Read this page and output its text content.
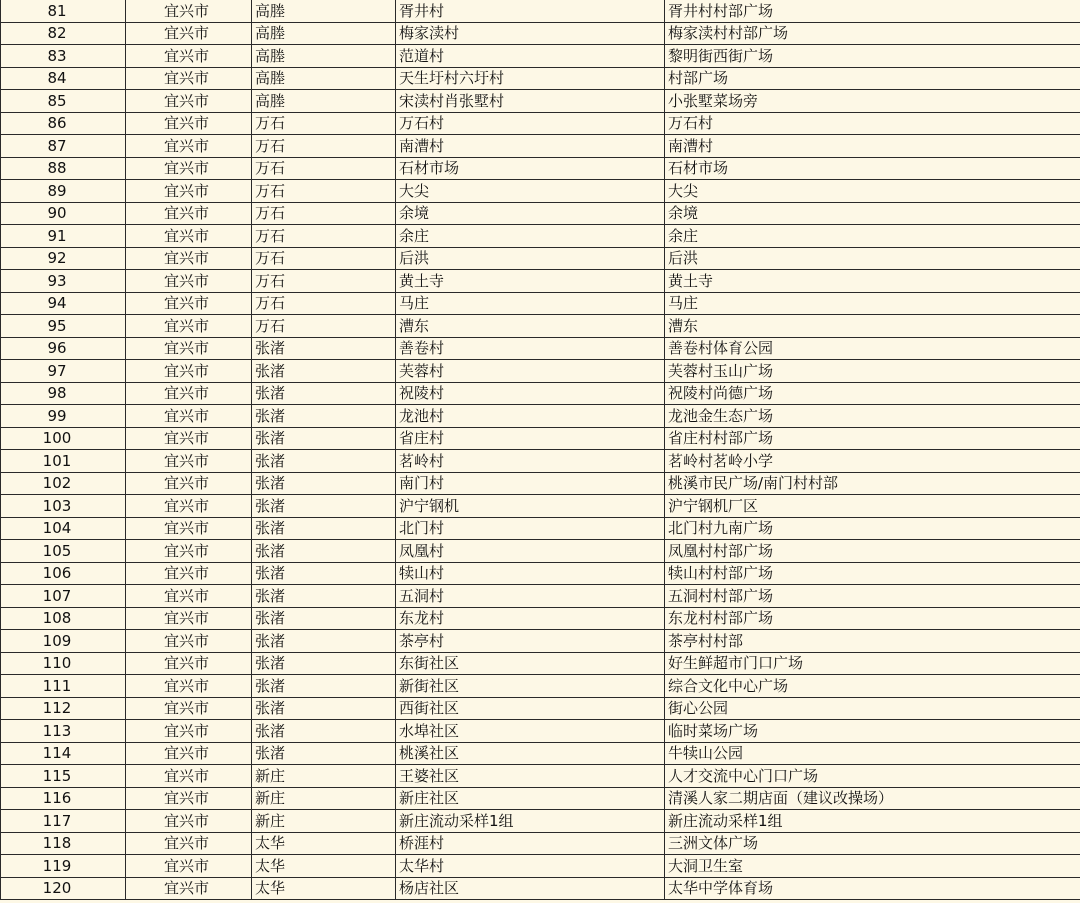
81	宜兴市	高塍	胥井村	胥井村村部广场
82	宜兴市	高塍	梅家渎村	梅家渎村村部广场
83	宜兴市	高塍	范道村	黎明街西街广场
84	宜兴市	高塍	天生圩村六圩村	村部广场
85	宜兴市	高塍	宋渎村肖张墅村	小张墅菜场旁
86	宜兴市	万石	万石村	万石村
87	宜兴市	万石	南漕村	南漕村
88	宜兴市	万石	石材市场	石材市场
89	宜兴市	万石	大尖	大尖
90	宜兴市	万石	余境	余境
91	宜兴市	万石	余庄	余庄
92	宜兴市	万石	后洪	后洪
93	宜兴市	万石	黄土寺	黄土寺
94	宜兴市	万石	马庄	马庄
95	宜兴市	万石	漕东	漕东
96	宜兴市	张渚	善卷村	善卷村体育公园
97	宜兴市	张渚	芙蓉村	芙蓉村玉山广场
98	宜兴市	张渚	祝陵村	祝陵村尚德广场
99	宜兴市	张渚	龙池村	龙池金生态广场
100	宜兴市	张渚	省庄村	省庄村村部广场
101	宜兴市	张渚	茗岭村	茗岭村茗岭小学
102	宜兴市	张渚	南门村	桃溪市民广场/南门村村部
103	宜兴市	张渚	沪宁钢机	沪宁钢机厂区
104	宜兴市	张渚	北门村	北门村九南广场
105	宜兴市	张渚	凤凰村	凤凰村村部广场
106	宜兴市	张渚	犊山村	犊山村村部广场
107	宜兴市	张渚	五洞村	五洞村村部广场
108	宜兴市	张渚	东龙村	东龙村村部广场
109	宜兴市	张渚	茶亭村	茶亭村村部
110	宜兴市	张渚	东街社区	好生鲜超市门口广场
111	宜兴市	张渚	新街社区	综合文化中心广场
112	宜兴市	张渚	西街社区	街心公园
113	宜兴市	张渚	水埠社区	临时菜场广场
114	宜兴市	张渚	桃溪社区	牛犊山公园
115	宜兴市	新庄	王婆社区	人才交流中心门口广场
116	宜兴市	新庄	新庄社区	清溪人家二期店面（建议改操场）
117	宜兴市	新庄	新庄流动采样1组	新庄流动采样1组
118	宜兴市	太华	桥涯村	三洲文体广场
119	宜兴市	太华	太华村	大洞卫生室
120	宜兴市	太华	杨店社区	太华中学体育场
